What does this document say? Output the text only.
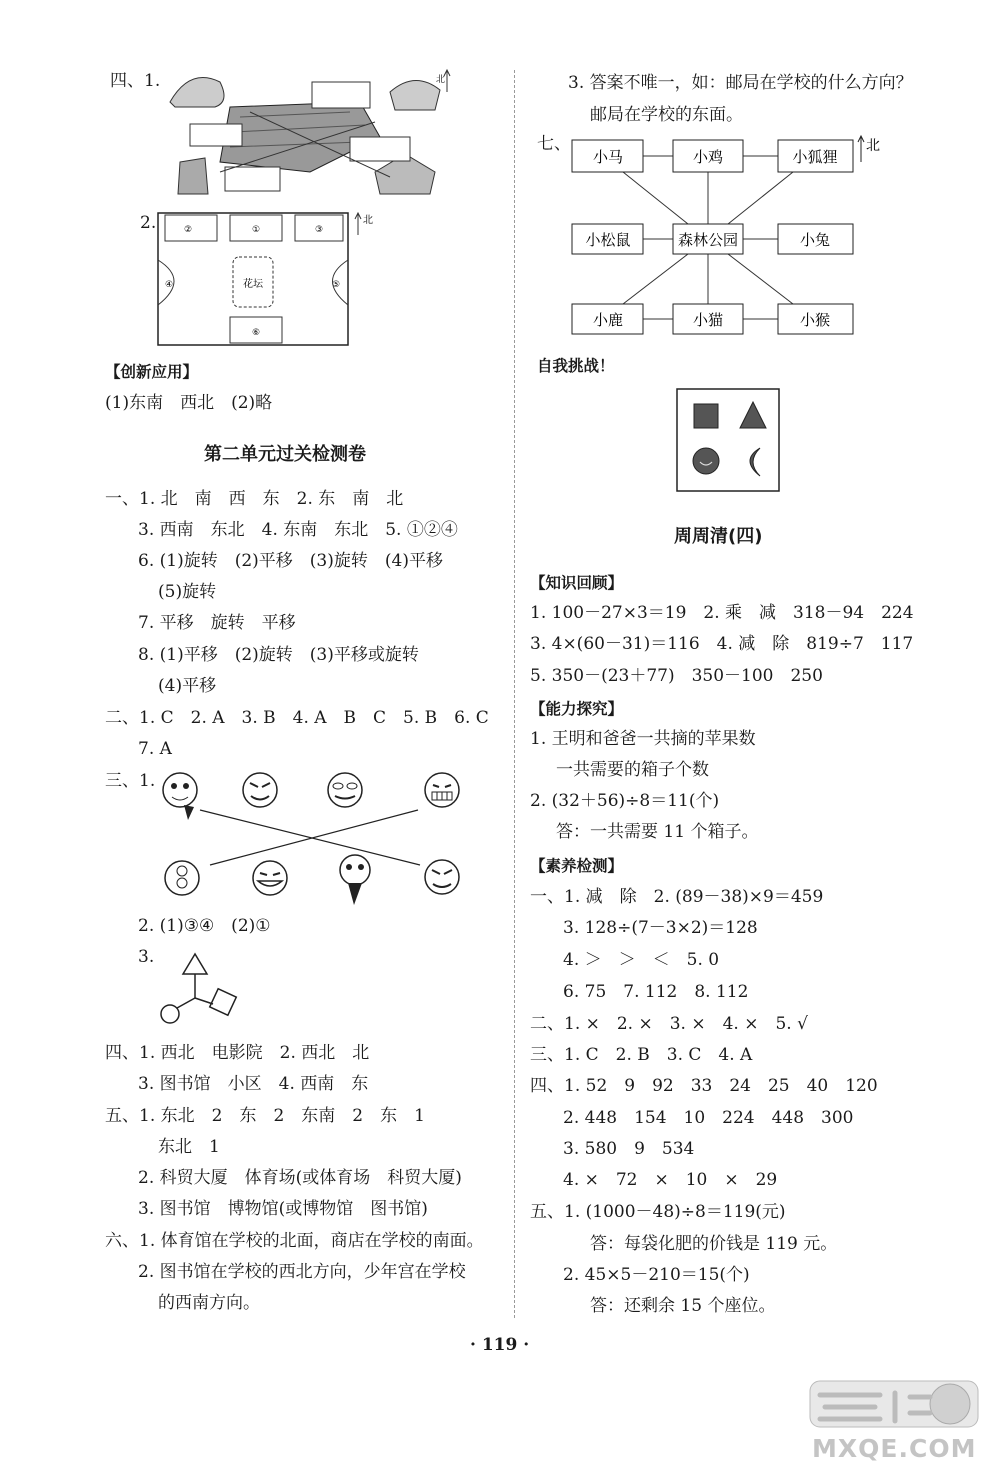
四、1.	北
2.	②	①	③
④	⑤
⑥
花坛
北
【创新应用】
(1)东南　西北　(2)略
第二单元过关检测卷
一、1. 北　南　西　东　2. 东　南　北
3. 西南　东北　4. 东南　东北　5. ①②④
6. (1)旋转　(2)平移　(3)旋转　(4)平移
(5)旋转
7. 平移　旋转　平移
8. (1)平移　(2)旋转　(3)平移或旋转
(4)平移
二、1. C　2. A　3. B　4. A　B　C　5. B　6. C
7. A
三、1.
2. (1)③④　(2)①
3.
四、1. 西北　电影院　2. 西北　北
3. 图书馆　小区　4. 西南　东
五、1. 东北　2　东　2　东南　2　东　1
东北　1
2. 科贸大厦　体育场(或体育场　科贸大厦)
3. 图书馆　博物馆(或博物馆　图书馆)
六、1. 体育馆在学校的北面，商店在学校的南面。
2. 图书馆在学校的西北方向，少年宫在学校
的西南方向。
3. 答案不唯一，如：邮局在学校的什么方向？
邮局在学校的东面。
七、
小马	小鸡	小狐狸
小松鼠	森林公园	小兔
小鹿	小猫	小猴
北
自我挑战！
周周清(四)
【知识回顾】
1. 100－27×3＝19　2. 乘　减　318－94　224
3. 4×(60－31)＝116　4. 减　除　819÷7　117
5. 350－(23＋77)　350－100　250
【能力探究】
1. 王明和爸爸一共摘的苹果数
一共需要的箱子个数
2. (32＋56)÷8＝11(个)
答：一共需要 11 个箱子。
【素养检测】
一、1. 减　除　2. (89－38)×9＝459
3. 128÷(7－3×2)＝128
4. ＞　＞　＜　5. 0
6. 75　7. 112　8. 112
二、1. ×　2. ×　3. ×　4. ×　5. √
三、1. C　2. B　3. C　4. A
四、1. 52　9　92　33　24　25　40　120
2. 448　154　10　224　448　300
3. 580　9　534
4. ×　72　×　10　×　29
五、1. (1000－48)÷8＝119(元)
答：每袋化肥的价钱是 119 元。
2. 45×5－210＝15(个)
答：还剩余 15 个座位。
· 119 ·
MXQE.COM
